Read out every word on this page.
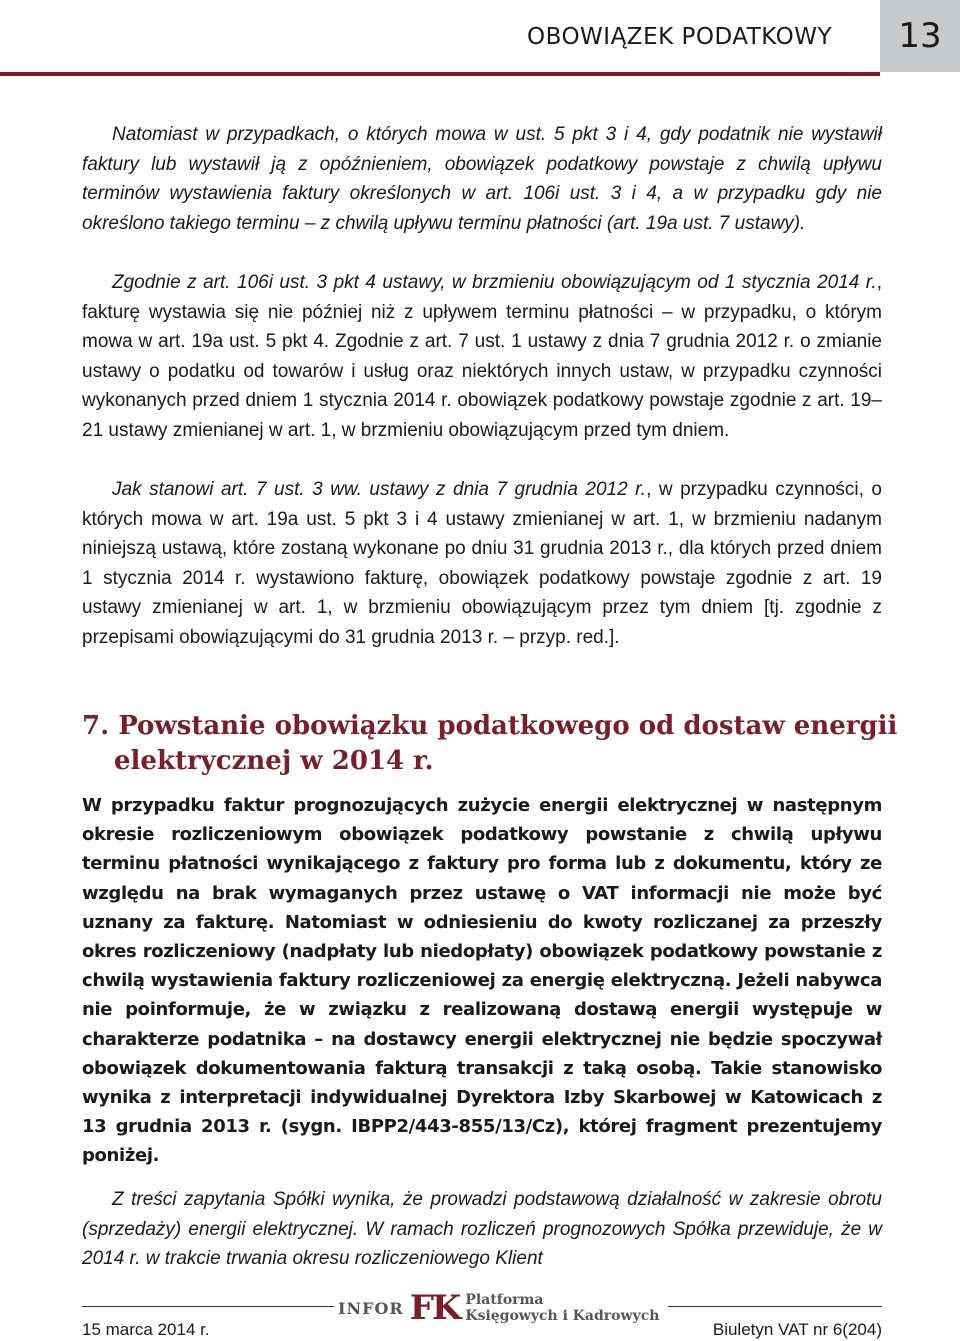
OBOWIĄZEK PODATKOWY 13

Natomiast w przypadkach, o których mowa w ust. 5 pkt 3 i 4, gdy podatnik nie wystawił faktury lub wystawił ją z opóźnieniem, obowiązek podatkowy powstaje z chwilą upływu terminów wystawienia faktury określonych w art. 106i ust. 3 i 4, a w przypadku gdy nie określono takiego terminu – z chwilą upływu terminu płatności (art. 19a ust. 7 ustawy).

Zgodnie z art. 106i ust. 3 pkt 4 ustawy, w brzmieniu obowiązującym od 1 stycznia 2014 r., fakturę wystawia się nie później niż z upływem terminu płatności – w przypadku, o którym mowa w art. 19a ust. 5 pkt 4. Zgodnie z art. 7 ust. 1 ustawy z dnia 7 grudnia 2012 r. o zmianie ustawy o podatku od towarów i usług oraz niektórych innych ustaw, w przypadku czynności wykonanych przed dniem 1 stycznia 2014 r. obowiązek podatkowy powstaje zgodnie z art. 19–21 ustawy zmienianej w art. 1, w brzmieniu obowiązującym przed tym dniem.

Jak stanowi art. 7 ust. 3 ww. ustawy z dnia 7 grudnia 2012 r., w przypadku czynności, o których mowa w art. 19a ust. 5 pkt 3 i 4 ustawy zmienianej w art. 1, w brzmieniu nadanym niniejszą ustawą, które zostaną wykonane po dniu 31 grudnia 2013 r., dla których przed dniem 1 stycznia 2014 r. wystawiono fakturę, obowiązek podatkowy powstaje zgodnie z art. 19 ustawy zmienianej w art. 1, w brzmieniu obowiązującym przez tym dniem [tj. zgodnie z przepisami obowiązującymi do 31 grudnia 2013 r. – przyp. red.].

7. Powstanie obowiązku podatkowego od dostaw energii elektrycznej w 2014 r.

W przypadku faktur prognozujących zużycie energii elektrycznej w następnym okresie rozliczeniowym obowiązek podatkowy powstanie z chwilą upływu terminu płatności wynikającego z faktury pro forma lub z dokumentu, który ze względu na brak wymaganych przez ustawę o VAT informacji nie może być uznany za fakturę. Natomiast w odniesieniu do kwoty rozliczanej za przeszły okres rozliczeniowy (nadpłaty lub niedopłaty) obowiązek podatkowy powstanie z chwilą wystawienia faktury rozliczeniowej za energię elektryczną. Jeżeli nabywca nie poinformuje, że w związku z realizowaną dostawą energii występuje w charakterze podatnika – na dostawcy energii elektrycznej nie będzie spoczywał obowiązek dokumentowania fakturą transakcji z taką osobą. Takie stanowisko wynika z interpretacji indywidualnej Dyrektora Izby Skarbowej w Katowicach z 13 grudnia 2013 r. (sygn. IBPP2/443-855/13/Cz), której fragment prezentujemy poniżej.

Z treści zapytania Spółki wynika, że prowadzi podstawową działalność w zakresie obrotu (sprzedaży) energii elektrycznej. W ramach rozliczeń prognozowych Spółka przewiduje, że w 2014 r. w trakcie trwania okresu rozliczeniowego Klient

INFOR FK Platforma
Księgowych i Kadrowych
15 marca 2014 r.	Biuletyn VAT nr 6(204)
